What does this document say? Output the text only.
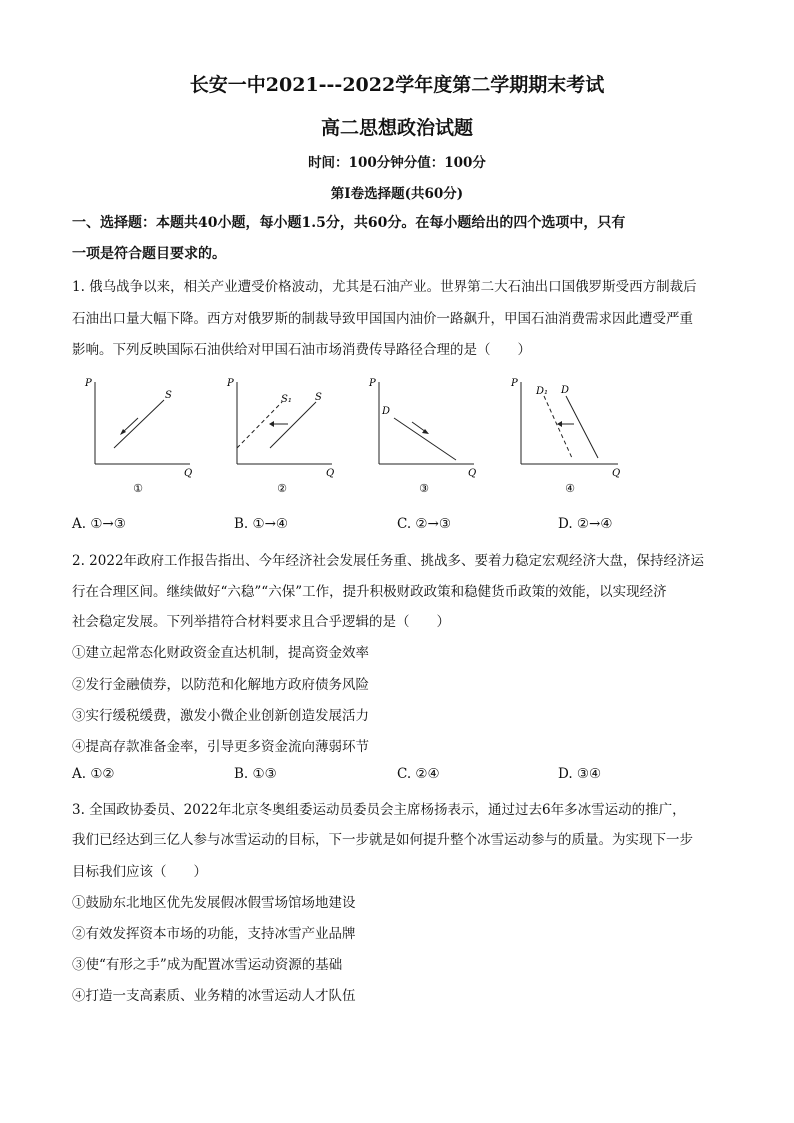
长安一中2021---2022学年度第二学期期末考试
高二思想政治试题
时间：100分钟分值：100分
第Ⅰ卷选择题(共60分)
一、选择题：本题共40小题，每小题1.5分，共60分。在每小题给出的四个选项中，只有
一项是符合题目要求的。
1. 俄乌战争以来，相关产业遭受价格波动，尤其是石油产业。世界第二大石油出口国俄罗斯受西方制裁后
石油出口量大幅下降。西方对俄罗斯的制裁导致甲国国内油价一路飙升，甲国石油消费需求因此遭受严重
影响。下列反映国际石油供给对甲国石油市场消费传导路径合理的是（　　）
P
Q
S
①
P
Q
S₁ S
②
P
Q
D
③
P
Q
D₁ D
④
A. ①→③	B. ①→④	C. ②→③	D. ②→④
2. 2022年政府工作报告指出、今年经济社会发展任务重、挑战多、要着力稳定宏观经济大盘，保持经济运
行在合理区间。继续做好“六稳”“六保”工作，提升积极财政政策和稳健货币政策的效能，以实现经济
社会稳定发展。下列举措符合材料要求且合乎逻辑的是（　　）
①建立起常态化财政资金直达机制，提高资金效率
②发行金融债券，以防范和化解地方政府债务风险
③实行缓税缓费，激发小微企业创新创造发展活力
④提高存款准备金率，引导更多资金流向薄弱环节
A. ①②	B. ①③	C. ②④	D. ③④
3. 全国政协委员、2022年北京冬奥组委运动员委员会主席杨扬表示，通过过去6年多冰雪运动的推广，
我们已经达到三亿人参与冰雪运动的目标，下一步就是如何提升整个冰雪运动参与的质量。为实现下一步
目标我们应该（　　）
①鼓励东北地区优先发展假冰假雪场馆场地建设
②有效发挥资本市场的功能，支持冰雪产业品牌
③使“有形之手”成为配置冰雪运动资源的基础
④打造一支高素质、业务精的冰雪运动人才队伍
